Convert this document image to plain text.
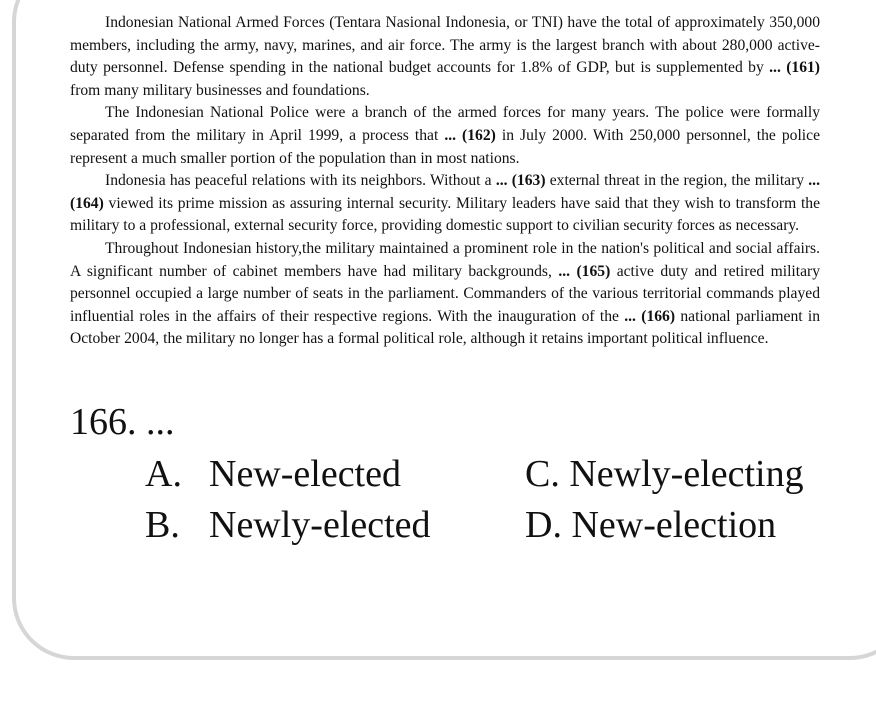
Indonesian National Armed Forces (Tentara Nasional Indonesia, or TNI) have the total of approximately 350,000 members, including the army, navy, marines, and air force. The army is the largest branch with about 280,000 active-duty personnel. Defense spending in the national budget accounts for 1.8% of GDP, but is supplemented by ... (161) from many military businesses and foundations.

The Indonesian National Police were a branch of the armed forces for many years. The police were formally separated from the military in April 1999, a process that ... (162) in July 2000. With 250,000 personnel, the police represent a much smaller portion of the population than in most nations.

Indonesia has peaceful relations with its neighbors. Without a ... (163) external threat in the region, the military ... (164) viewed its prime mission as assuring internal security. Military leaders have said that they wish to transform the military to a professional, external security force, providing domestic support to civilian security forces as necessary.

Throughout Indonesian history,the military maintained a prominent role in the nation's political and social affairs. A significant number of cabinet members have had military backgrounds, ... (165) active duty and retired military personnel occupied a large number of seats in the parliament. Commanders of the various territorial commands played influential roles in the affairs of their respective regions. With the inauguration of the ... (166) national parliament in October 2004, the military no longer has a formal political role, although it retains important political influence.

166. ...
A. New-elected
B. Newly-elected
C. Newly-electing
D. New-election
